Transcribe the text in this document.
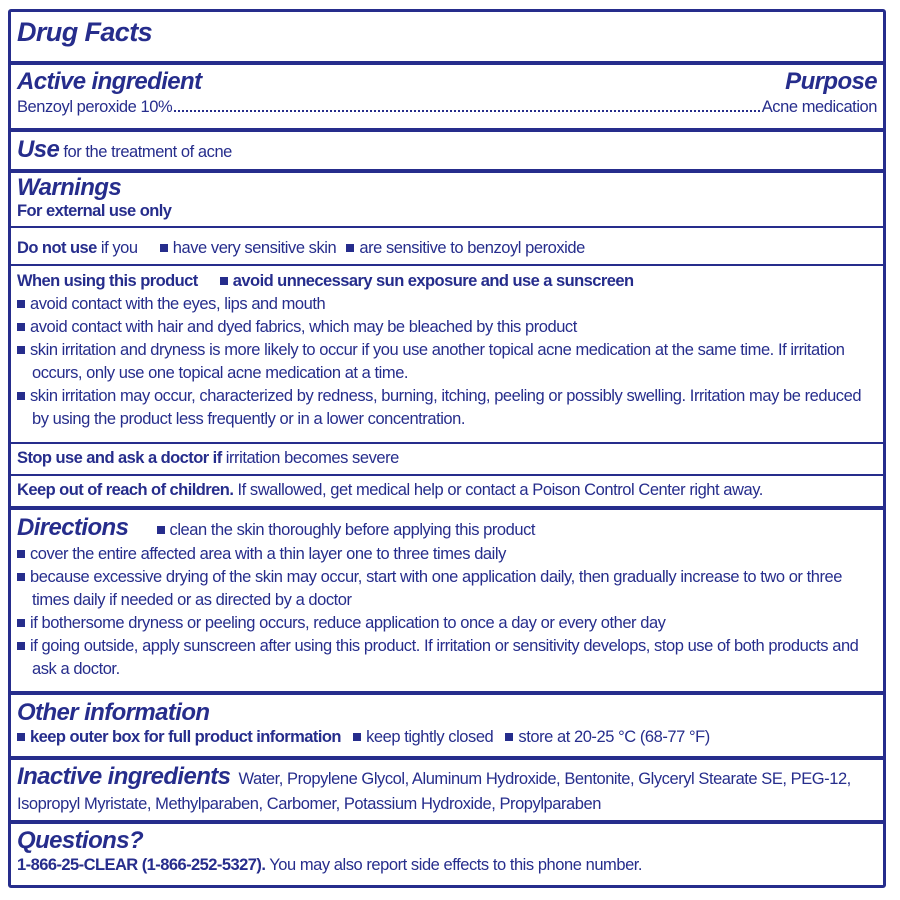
Drug Facts
Active ingredient	Purpose
Benzoyl peroxide 10%	Acne medication
Use for the treatment of acne
Warnings
For external use only
Do not use if you have very sensitive skin are sensitive to benzoyl peroxide
When using this product avoid unnecessary sun exposure and use a sunscreen
avoid contact with the eyes, lips and mouth
avoid contact with hair and dyed fabrics, which may be bleached by this product
skin irritation and dryness is more likely to occur if you use another topical acne medication at the same time. If irritation occurs, only use one topical acne medication at a time.
skin irritation may occur, characterized by redness, burning, itching, peeling or possibly swelling. Irritation may be reduced by using the product less frequently or in a lower concentration.
Stop use and ask a doctor if irritation becomes severe
Keep out of reach of children. If swallowed, get medical help or contact a Poison Control Center right away.
Directions clean the skin thoroughly before applying this product
cover the entire affected area with a thin layer one to three times daily
because excessive drying of the skin may occur, start with one application daily, then gradually increase to two or three times daily if needed or as directed by a doctor
if bothersome dryness or peeling occurs, reduce application to once a day or every other day
if going outside, apply sunscreen after using this product. If irritation or sensitivity develops, stop use of both products and ask a doctor.
Other information
keep outer box for full product information keep tightly closed store at 20-25 °C (68-77 °F)
Inactive ingredients Water, Propylene Glycol, Aluminum Hydroxide, Bentonite, Glyceryl Stearate SE, PEG-12, Isopropyl Myristate, Methylparaben, Carbomer, Potassium Hydroxide, Propylparaben
Questions?
1-866-25-CLEAR (1-866-252-5327). You may also report side effects to this phone number.
